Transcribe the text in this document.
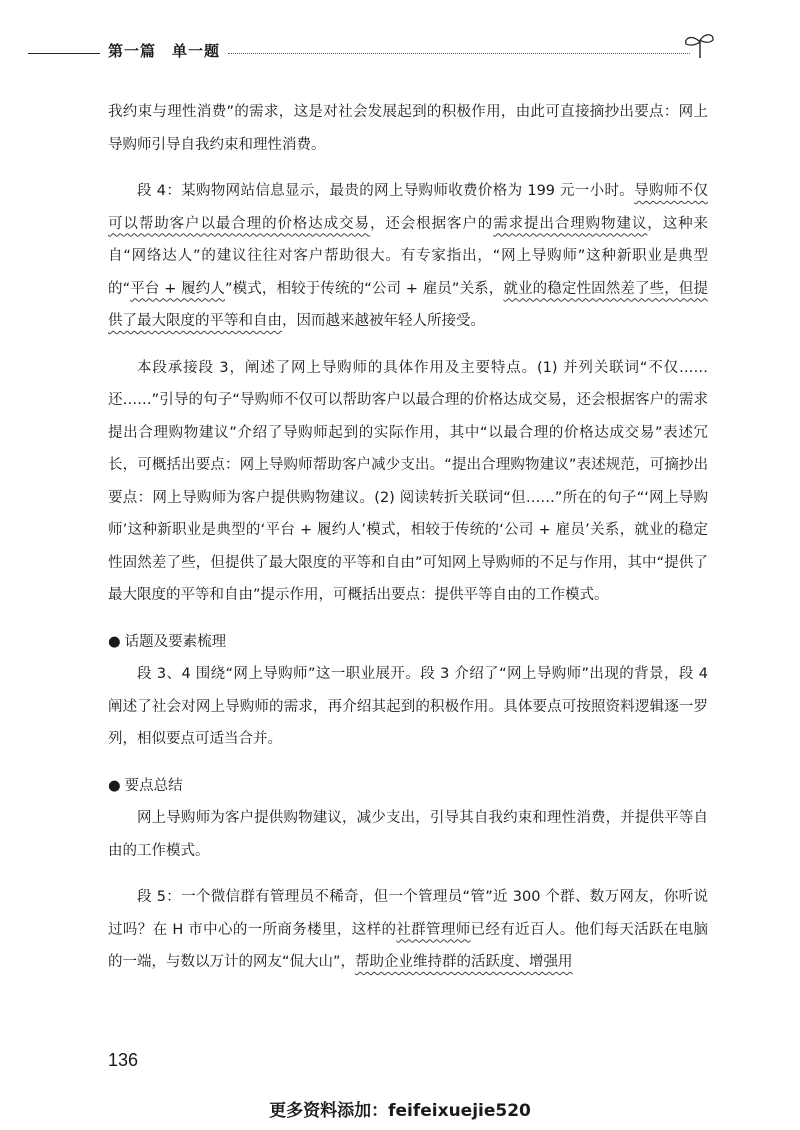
第一篇　单一题

我约束与理性消费”的需求，这是对社会发展起到的积极作用，由此可直接摘抄出要点：网上导购师引导自我约束和理性消费。

段 4：某购物网站信息显示，最贵的网上导购师收费价格为 199 元一小时。导购师不仅可以帮助客户以最合理的价格达成交易，还会根据客户的需求提出合理购物建议，这种来自“网络达人”的建议往往对客户帮助很大。有专家指出，“网上导购师”这种新职业是典型的“平台 + 履约人”模式，相较于传统的“公司 + 雇员”关系，就业的稳定性固然差了些，但提供了最大限度的平等和自由，因而越来越被年轻人所接受。

本段承接段 3，阐述了网上导购师的具体作用及主要特点。(1) 并列关联词“不仅……还……”引导的句子“导购师不仅可以帮助客户以最合理的价格达成交易，还会根据客户的需求提出合理购物建议”介绍了导购师起到的实际作用，其中“以最合理的价格达成交易”表述冗长，可概括出要点：网上导购师帮助客户减少支出。“提出合理购物建议”表述规范，可摘抄出要点：网上导购师为客户提供购物建议。(2) 阅读转折关联词“但……”所在的句子“‘网上导购师’这种新职业是典型的‘平台 + 履约人’模式，相较于传统的‘公司 + 雇员’关系，就业的稳定性固然差了些，但提供了最大限度的平等和自由”可知网上导购师的不足与作用，其中“提供了最大限度的平等和自由”提示作用，可概括出要点：提供平等自由的工作模式。

● 话题及要素梳理

段 3、4 围绕“网上导购师”这一职业展开。段 3 介绍了“网上导购师”出现的背景，段 4 阐述了社会对网上导购师的需求，再介绍其起到的积极作用。具体要点可按照资料逻辑逐一罗列，相似要点可适当合并。

● 要点总结

网上导购师为客户提供购物建议，减少支出，引导其自我约束和理性消费，并提供平等自由的工作模式。

段 5：一个微信群有管理员不稀奇，但一个管理员“管”近 300 个群、数万网友，你听说过吗？在 H 市中心的一所商务楼里，这样的社群管理师已经有近百人。他们每天活跃在电脑的一端，与数以万计的网友“侃大山”，帮助企业维持群的活跃度、增强用

136
更多资料添加：feifeixuejie520
